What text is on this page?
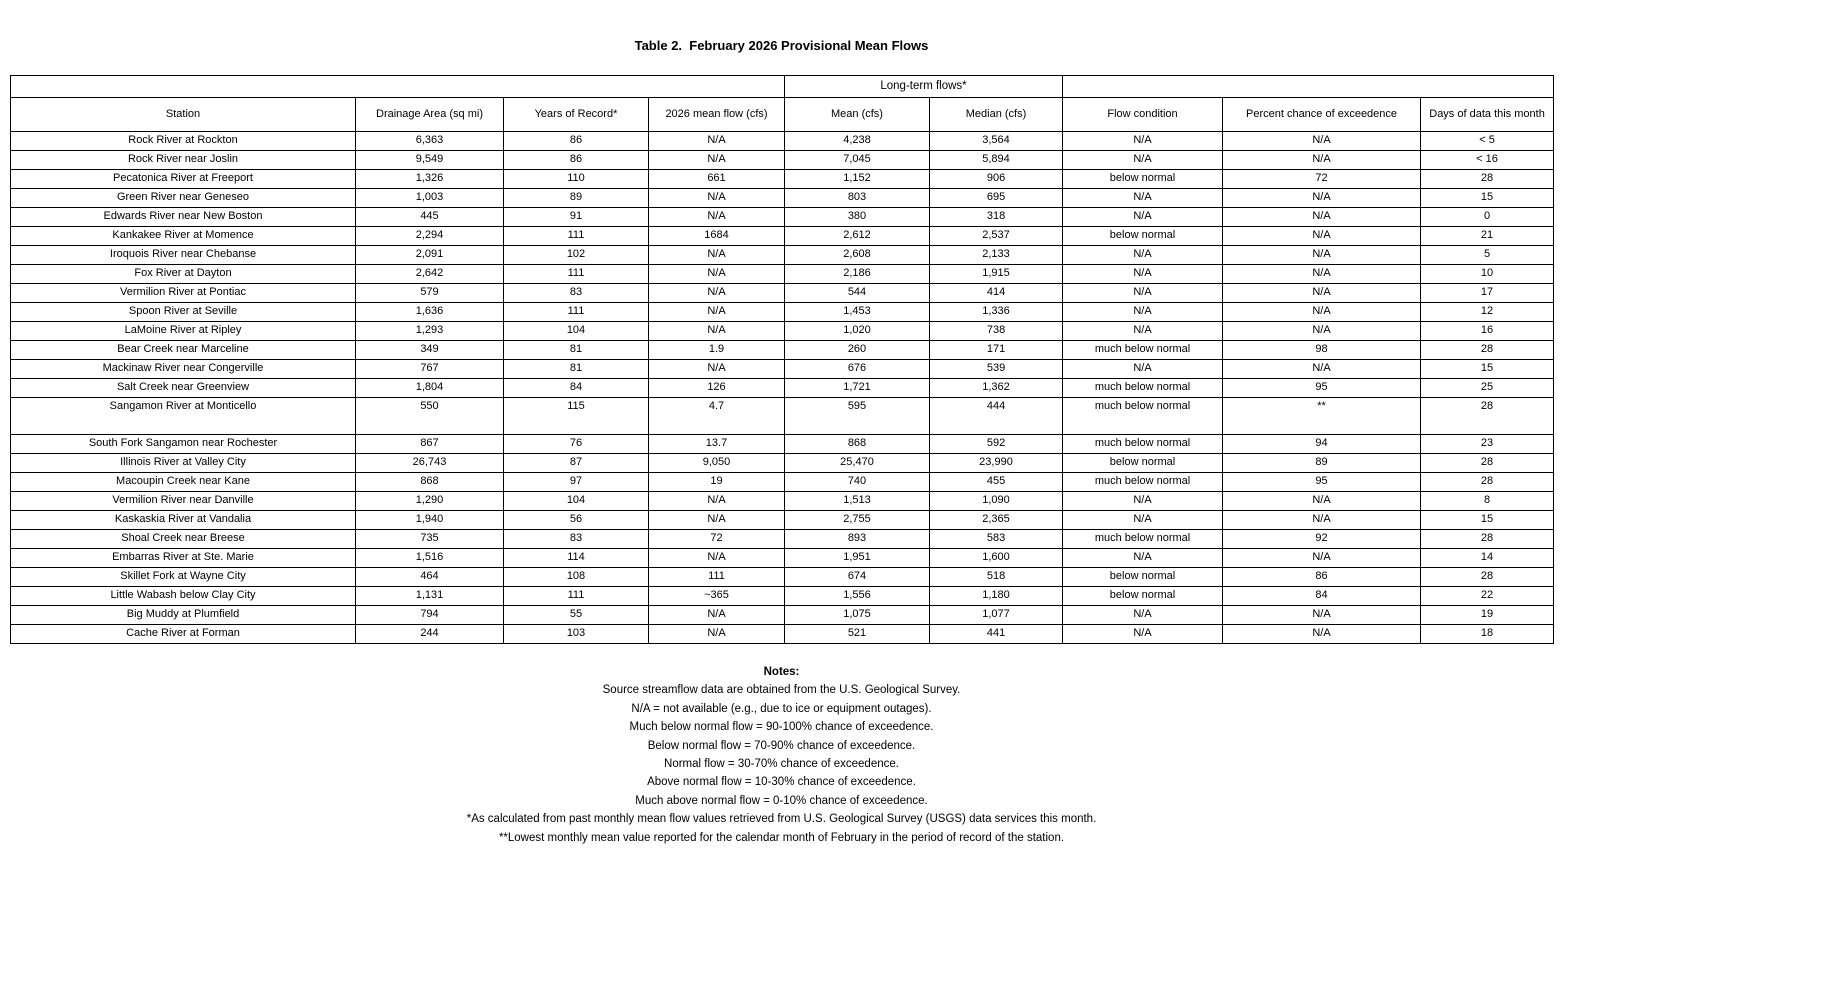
Table 2.  February 2026 Provisional Mean Flows
				Long-term flows*				
Station	Drainage Area (sq mi)	Years of Record*	2026 mean flow (cfs)	Mean (cfs)	Median (cfs)	Flow condition	Percent chance of exceedence	Days of data this month
Rock River at Rockton	6,363	86	N/A	4,238	3,564	N/A	N/A	< 5
Rock River near Joslin	9,549	86	N/A	7,045	5,894	N/A	N/A	< 16
Pecatonica River at Freeport	1,326	110	661	1,152	906	below normal	72	28
Green River near Geneseo	1,003	89	N/A	803	695	N/A	N/A	15
Edwards River near New Boston	445	91	N/A	380	318	N/A	N/A	0
Kankakee River at Momence	2,294	111	1684	2,612	2,537	below normal	N/A	21
Iroquois River near Chebanse	2,091	102	N/A	2,608	2,133	N/A	N/A	5
Fox River at Dayton	2,642	111	N/A	2,186	1,915	N/A	N/A	10
Vermilion River at Pontiac	579	83	N/A	544	414	N/A	N/A	17
Spoon River at Seville	1,636	111	N/A	1,453	1,336	N/A	N/A	12
LaMoine River at Ripley	1,293	104	N/A	1,020	738	N/A	N/A	16
Bear Creek near Marceline	349	81	1.9	260	171	much below normal	98	28
Mackinaw River near Congerville	767	81	N/A	676	539	N/A	N/A	15
Salt Creek near Greenview	1,804	84	126	1,721	1,362	much below normal	95	25
Sangamon River at Monticello	550	115	4.7	595	444	much below normal	**	28
South Fork Sangamon near Rochester	867	76	13.7	868	592	much below normal	94	23
Illinois River at Valley City	26,743	87	9,050	25,470	23,990	below normal	89	28
Macoupin Creek near Kane	868	97	19	740	455	much below normal	95	28
Vermilion River near Danville	1,290	104	N/A	1,513	1,090	N/A	N/A	8
Kaskaskia River at Vandalia	1,940	56	N/A	2,755	2,365	N/A	N/A	15
Shoal Creek near Breese	735	83	72	893	583	much below normal	92	28
Embarras River at Ste. Marie	1,516	114	N/A	1,951	1,600	N/A	N/A	14
Skillet Fork at Wayne City	464	108	111	674	518	below normal	86	28
Little Wabash below Clay City	1,131	111	~365	1,556	1,180	below normal	84	22
Big Muddy at Plumfield	794	55	N/A	1,075	1,077	N/A	N/A	19
Cache River at Forman	244	103	N/A	521	441	N/A	N/A	18
Notes:
Source streamflow data are obtained from the U.S. Geological Survey.
N/A = not available (e.g., due to ice or equipment outages).
Much below normal flow = 90-100% chance of exceedence.
Below normal flow = 70-90% chance of exceedence.
Normal flow = 30-70% chance of exceedence.
Above normal flow = 10-30% chance of exceedence.
Much above normal flow = 0-10% chance of exceedence.
*As calculated from past monthly mean flow values retrieved from U.S. Geological Survey (USGS) data services this month.
**Lowest monthly mean value reported for the calendar month of February in the period of record of the station.
